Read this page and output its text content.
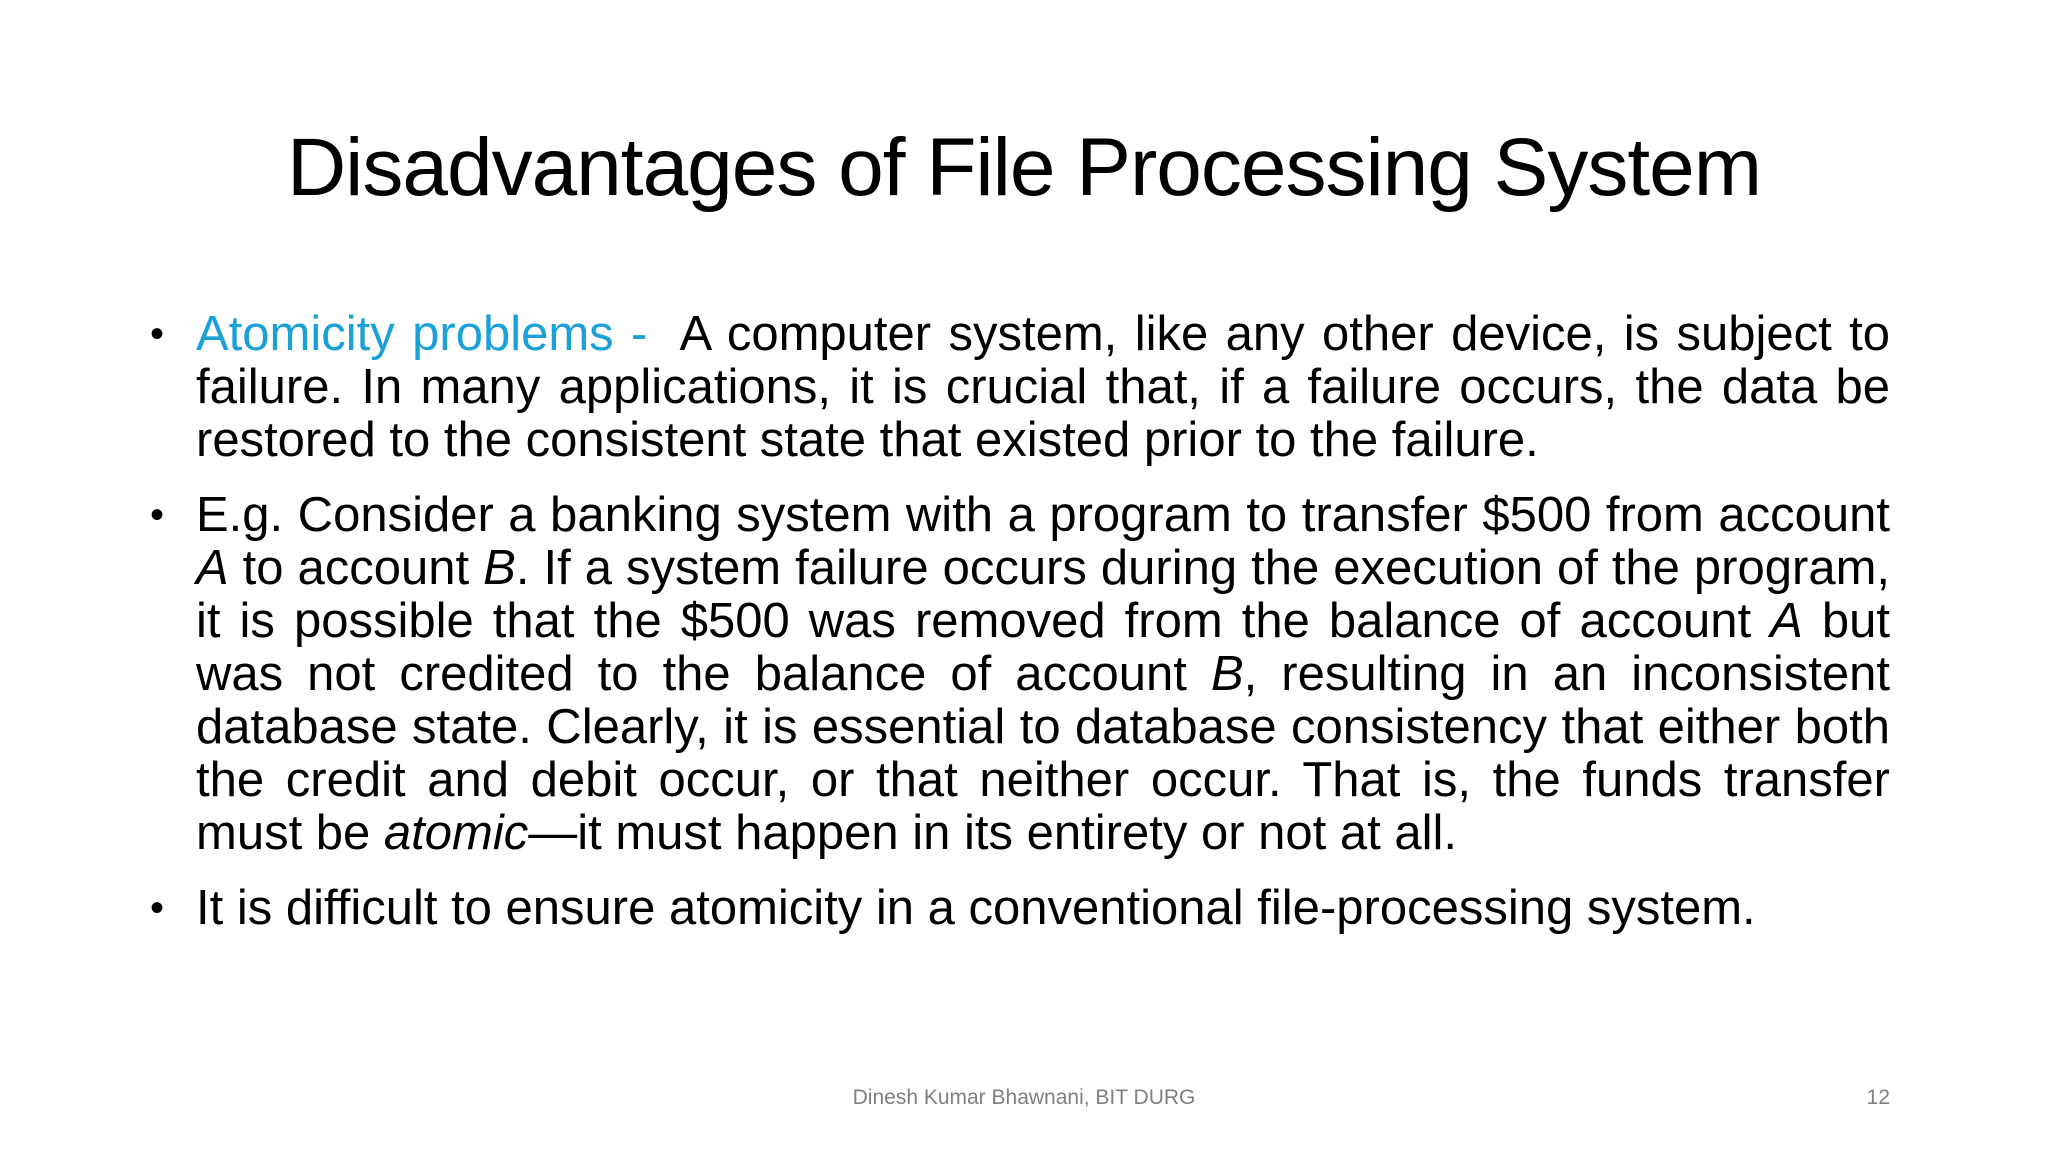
Disadvantages of File Processing System
• Atomicity problems - A computer system, like any other device, is subject to failure. In many applications, it is crucial that, if a failure occurs, the data be restored to the consistent state that existed prior to the failure.
• E.g. Consider a banking system with a program to transfer $500 from account A to account B. If a system failure occurs during the execution of the program, it is possible that the $500 was removed from the balance of account A but was not credited to the balance of account B, resulting in an inconsistent database state. Clearly, it is essential to database consistency that either both the credit and debit occur, or that neither occur. That is, the funds transfer must be atomic—it must happen in its entirety or not at all.
• It is difficult to ensure atomicity in a conventional file-processing system.
Dinesh Kumar Bhawnani, BIT DURG	12
